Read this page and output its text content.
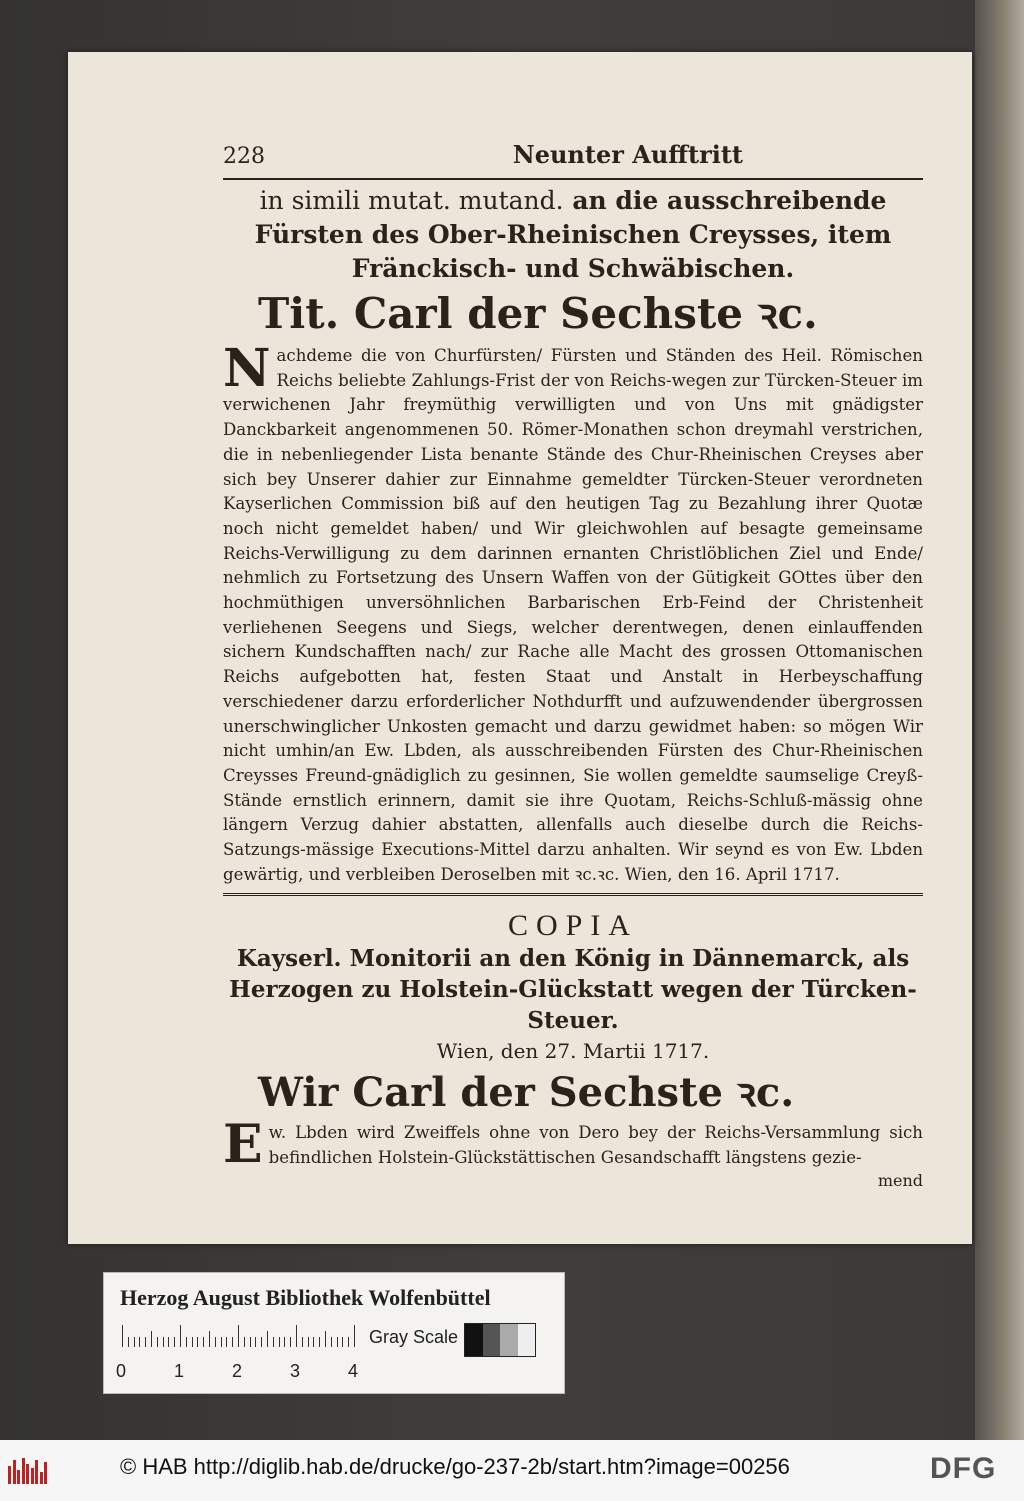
228	Neunter Aufftritt
in simili mutat. mutand. an die ausschreibende Fürsten des Ober-Rheinischen Creysses, item Fränckisch- und Schwäbischen.
Tit. Carl der Sechste ꝛc.
Nachdeme die von Churfürsten/ Fürsten und Ständen des Heil. Römischen Reichs beliebte Zahlungs-Frist der von Reichs-wegen zur Türcken-Steuer im verwichenen Jahr freymüthig verwilligten und von Uns mit gnädigster Danckbarkeit angenommenen 50. Römer-Monathen schon dreymahl verstrichen, die in nebenliegender Lista benante Stände des Chur-Rheinischen Creyses aber sich bey Unserer dahier zur Einnahme gemeldter Türcken-Steuer verordneten Kayserlichen Commission biß auf den heutigen Tag zu Bezahlung ihrer Quotæ noch nicht gemeldet haben/ und Wir gleichwohlen auf besagte gemeinsame Reichs-Verwilligung zu dem darinnen ernanten Christlöblichen Ziel und Ende/ nehmlich zu Fortsetzung des Unsern Waffen von der Gütigkeit GOttes über den hochmüthigen unversöhnlichen Barbarischen Erb-Feind der Christenheit verliehenen Seegens und Siegs, welcher derentwegen, denen einlauffenden sichern Kundschafften nach/ zur Rache alle Macht des grossen Ottomanischen Reichs aufgebotten hat, festen Staat und Anstalt in Herbeyschaffung verschiedener darzu erforderlicher Nothdurfft und aufzuwendender übergrossen unerschwinglicher Unkosten gemacht und darzu gewidmet haben: so mögen Wir nicht umhin/an Ew. Lbden, als ausschreibenden Fürsten des Chur-Rheinischen Creysses Freund-gnädiglich zu gesinnen, Sie wollen gemeldte saumselige Creyß-Stände ernstlich erinnern, damit sie ihre Quotam, Reichs-Schluß-mässig ohne längern Verzug dahier abstatten, allenfalls auch dieselbe durch die Reichs-Satzungs-mässige Executions-Mittel darzu anhalten. Wir seynd es von Ew. Lbden gewärtig, und verbleiben Deroselben mit ꝛc.ꝛc. Wien, den 16. April 1717.
COPIA
Kayserl. Monitorii an den König in Dännemarck, als Herzogen zu Holstein-Glückstatt wegen der Türcken-Steuer.
Wien, den 27. Martii 1717.
Wir Carl der Sechste ꝛc.
Ew. Lbden wird Zweiffels ohne von Dero bey der Reichs-Versammlung sich befindlichen Holstein-Glückstättischen Gesandschafft längstens gezie-
mend
Herzog August Bibliothek Wolfenbüttel
0	1	2	3	4
Gray Scale
© HAB http://diglib.hab.de/drucke/go-237-2b/start.htm?image=00256	DFG
